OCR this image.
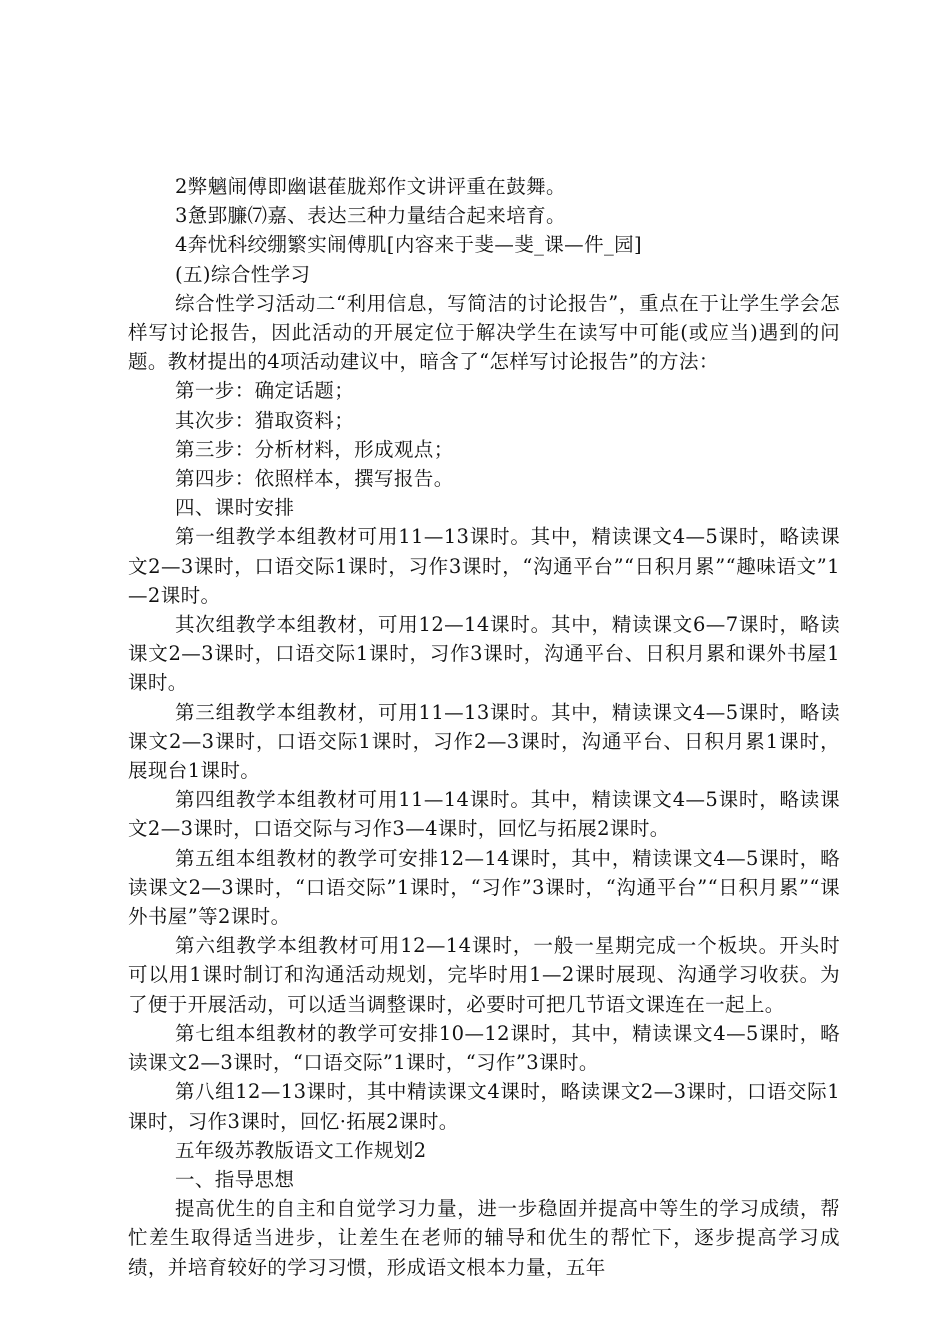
2弊魑闹傅即幽谌萑胧郑作文讲评重在鼓舞。

3惫郢臁⑺嘉、表达三种力量结合起来培育。

4奔忧科绞绷繁实闹傅肌[内容来于斐—斐_课—件_园]

(五)综合性学习

综合性学习活动二“利用信息，写简洁的讨论报告”，重点在于让学生学会怎样写讨论报告，因此活动的开展定位于解决学生在读写中可能(或应当)遇到的问题。教材提出的4项活动建议中，暗含了“怎样写讨论报告”的方法：

第一步：确定话题；

其次步：猎取资料；

第三步：分析材料，形成观点；

第四步：依照样本，撰写报告。

四、课时安排

第一组教学本组教材可用11—13课时。其中，精读课文4—5课时，略读课文2—3课时，口语交际1课时，习作3课时，“沟通平台”“日积月累”“趣味语文”1—2课时。

其次组教学本组教材，可用12—14课时。其中，精读课文6—7课时，略读课文2—3课时，口语交际1课时，习作3课时，沟通平台、日积月累和课外书屋1课时。

第三组教学本组教材，可用11—13课时。其中，精读课文4—5课时，略读课文2—3课时，口语交际1课时，习作2—3课时，沟通平台、日积月累1课时，展现台1课时。

第四组教学本组教材可用11—14课时。其中，精读课文4—5课时，略读课文2—3课时，口语交际与习作3—4课时，回忆与拓展2课时。

第五组本组教材的教学可安排12—14课时，其中，精读课文4—5课时，略读课文2—3课时，“口语交际”1课时，“习作”3课时，“沟通平台”“日积月累”“课外书屋”等2课时。

第六组教学本组教材可用12—14课时，一般一星期完成一个板块。开头时可以用1课时制订和沟通活动规划，完毕时用1—2课时展现、沟通学习收获。为了便于开展活动，可以适当调整课时，必要时可把几节语文课连在一起上。

第七组本组教材的教学可安排10—12课时，其中，精读课文4—5课时，略读课文2—3课时，“口语交际”1课时，“习作”3课时。

第八组12—13课时，其中精读课文4课时，略读课文2—3课时，口语交际1课时，习作3课时，回忆·拓展2课时。

五年级苏教版语文工作规划2

一、指导思想

提高优生的自主和自觉学习力量，进一步稳固并提高中等生的学习成绩，帮忙差生取得适当进步，让差生在老师的辅导和优生的帮忙下，逐步提高学习成绩，并培育较好的学习习惯，形成语文根本力量，五年
